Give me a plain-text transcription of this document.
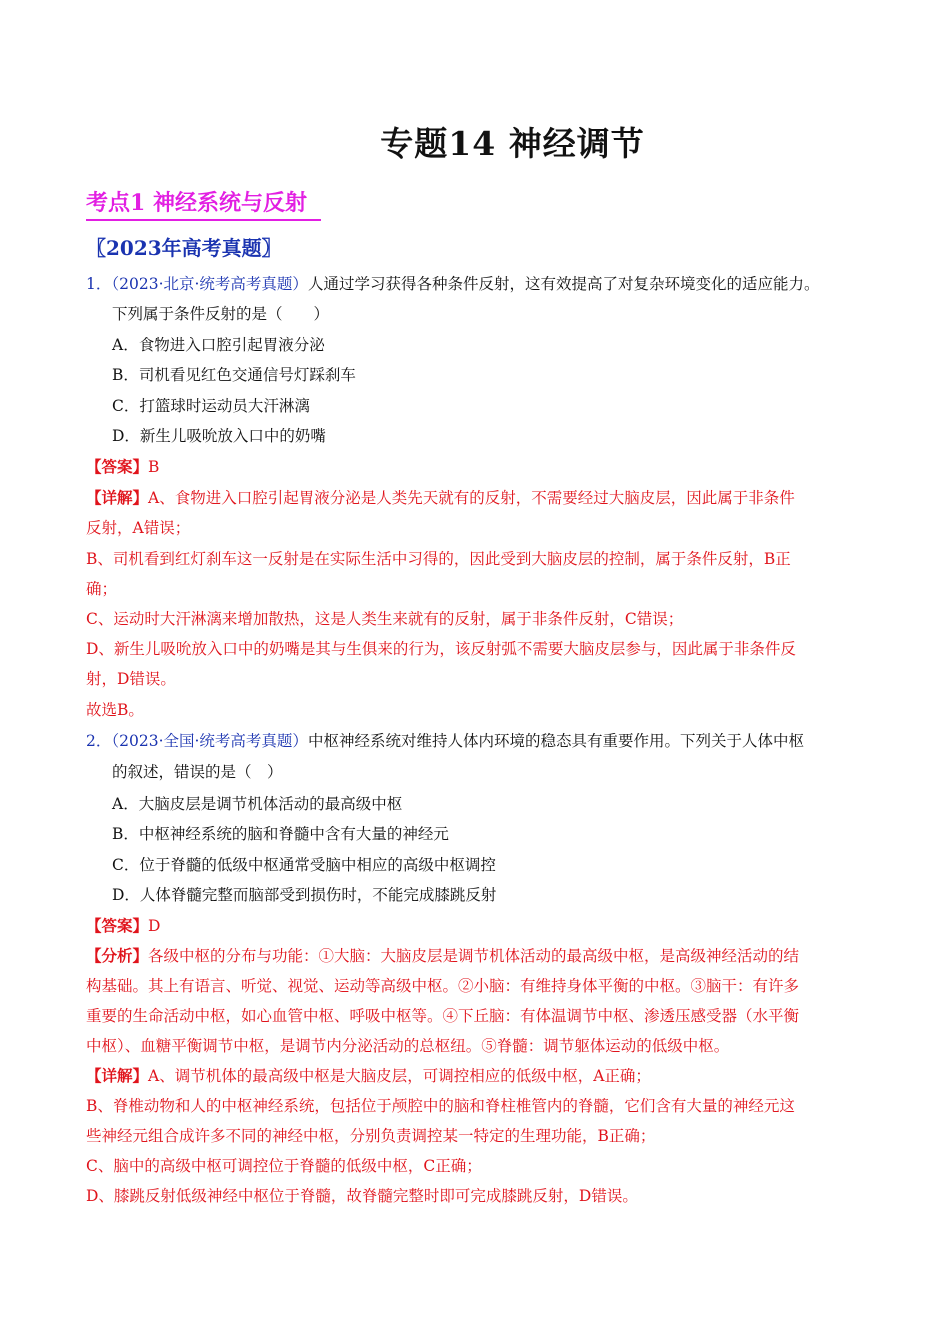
专题14 神经调节
考点1 神经系统与反射
〖2023年高考真题〗
1．（2023·北京·统考高考真题）人通过学习获得各种条件反射，这有效提高了对复杂环境变化的适应能力。
下列属于条件反射的是（　　）
A．食物进入口腔引起胃液分泌
B．司机看见红色交通信号灯踩刹车
C．打篮球时运动员大汗淋漓
D．新生儿吸吮放入口中的奶嘴
【答案】B
【详解】A、食物进入口腔引起胃液分泌是人类先天就有的反射，不需要经过大脑皮层，因此属于非条件
反射，A错误；
B、司机看到红灯刹车这一反射是在实际生活中习得的，因此受到大脑皮层的控制，属于条件反射，B正
确；
C、运动时大汗淋漓来增加散热，这是人类生来就有的反射，属于非条件反射，C错误；
D、新生儿吸吮放入口中的奶嘴是其与生俱来的行为，该反射弧不需要大脑皮层参与，因此属于非条件反
射，D错误。
故选B。
2．（2023·全国·统考高考真题）中枢神经系统对维持人体内环境的稳态具有重要作用。下列关于人体中枢
的叙述，错误的是（　）
A．大脑皮层是调节机体活动的最高级中枢
B．中枢神经系统的脑和脊髓中含有大量的神经元
C．位于脊髓的低级中枢通常受脑中相应的高级中枢调控
D．人体脊髓完整而脑部受到损伤时，不能完成膝跳反射
【答案】D
【分析】各级中枢的分布与功能：①大脑：大脑皮层是调节机体活动的最高级中枢，是高级神经活动的结
构基础。其上有语言、听觉、视觉、运动等高级中枢。②小脑：有维持身体平衡的中枢。③脑干：有许多
重要的生命活动中枢，如心血管中枢、呼吸中枢等。④下丘脑：有体温调节中枢、渗透压感受器（水平衡
中枢）、血糖平衡调节中枢，是调节内分泌活动的总枢纽。⑤脊髓：调节躯体运动的低级中枢。
【详解】A、调节机体的最高级中枢是大脑皮层，可调控相应的低级中枢，A正确；
B、脊椎动物和人的中枢神经系统，包括位于颅腔中的脑和脊柱椎管内的脊髓，它们含有大量的神经元这
些神经元组合成许多不同的神经中枢，分别负责调控某一特定的生理功能，B正确；
C、脑中的高级中枢可调控位于脊髓的低级中枢，C正确；
D、膝跳反射低级神经中枢位于脊髓，故脊髓完整时即可完成膝跳反射，D错误。
